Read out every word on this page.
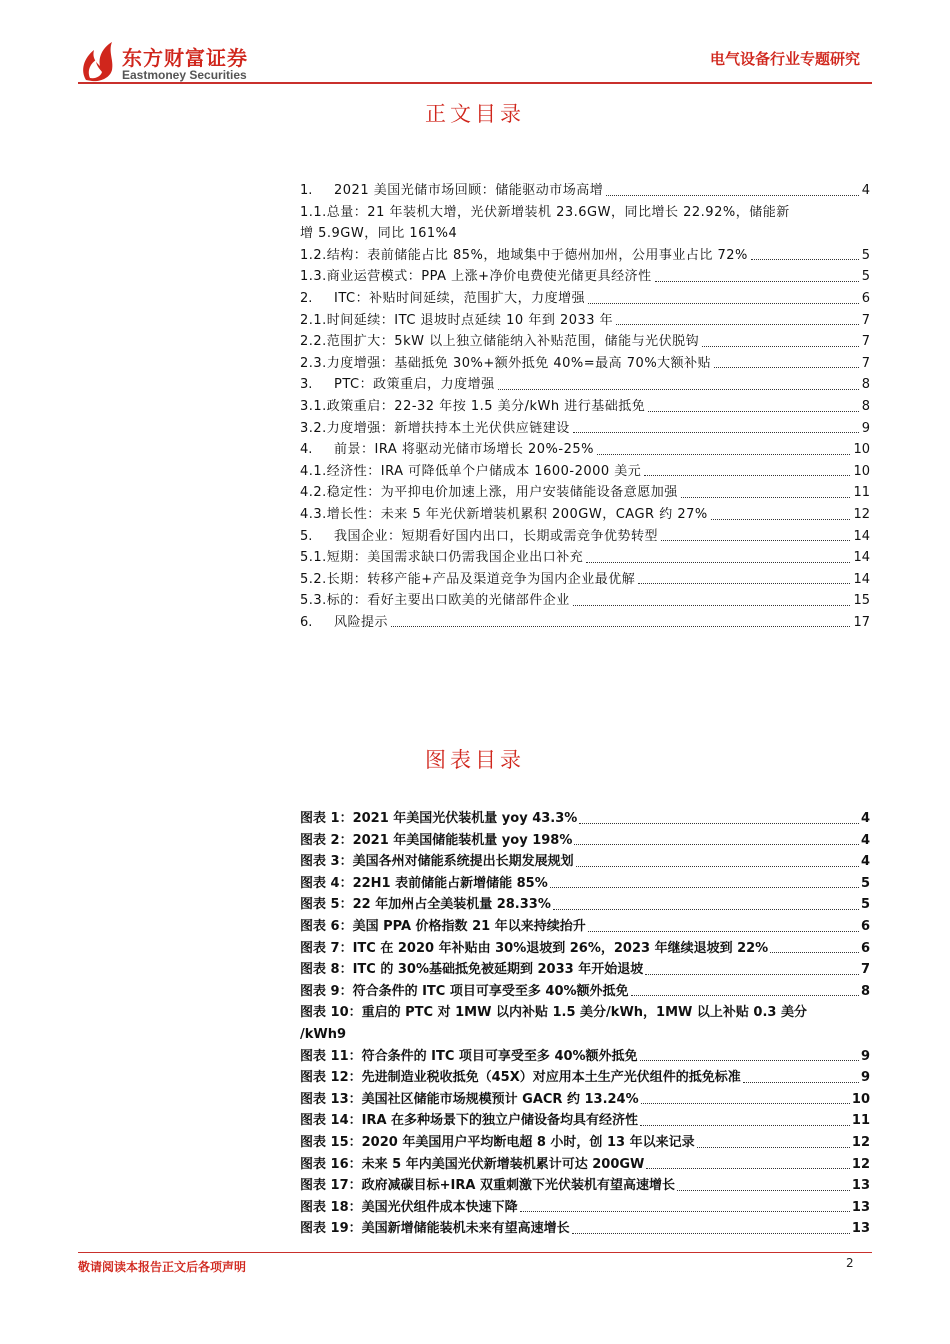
东方财富证券
Eastmoney Securities
电气设备行业专题研究
正文目录
1.	2021 美国光储市场回顾：储能驱动市场高增	4
1.1.总量：21 年装机大增，光伏新增装机 23.6GW，同比增长 22.92%，储能新
增 5.9GW，同比 161% 4
1.2.结构：表前储能占比 85%，地域集中于德州加州，公用事业占比 72%	5
1.3.商业运营模式：PPA 上涨+净价电费使光储更具经济性	5
2.	ITC：补贴时间延续，范围扩大，力度增强	6
2.1.时间延续：ITC 退坡时点延续 10 年到 2033 年	7
2.2.范围扩大：5kW 以上独立储能纳入补贴范围，储能与光伏脱钩	7
2.3.力度增强：基础抵免 30%+额外抵免 40%=最高 70%大额补贴	7
3.	PTC：政策重启，力度增强	8
3.1.政策重启：22-32 年按 1.5 美分/kWh 进行基础抵免	8
3.2.力度增强：新增扶持本土光伏供应链建设	9
4.	前景：IRA 将驱动光储市场增长 20%-25%	10
4.1.经济性：IRA 可降低单个户储成本 1600-2000 美元	10
4.2.稳定性：为平抑电价加速上涨，用户安装储能设备意愿加强	11
4.3.增长性：未来 5 年光伏新增装机累积 200GW，CAGR 约 27%	12
5.	我国企业：短期看好国内出口，长期或需竞争优势转型	14
5.1.短期：美国需求缺口仍需我国企业出口补充	14
5.2.长期：转移产能+产品及渠道竞争为国内企业最优解	14
5.3.标的：看好主要出口欧美的光储部件企业	15
6.	风险提示	17
图表目录
图表 1：2021 年美国光伏装机量 yoy 43.3%	4
图表 2：2021 年美国储能装机量 yoy 198%	4
图表 3：美国各州对储能系统提出长期发展规划	4
图表 4：22H1 表前储能占新增储能 85%	5
图表 5：22 年加州占全美装机量 28.33%	5
图表 6：美国 PPA 价格指数 21 年以来持续抬升	6
图表 7：ITC 在 2020 年补贴由 30%退坡到 26%，2023 年继续退坡到 22%	6
图表 8：ITC 的 30%基础抵免被延期到 2033 年开始退坡	7
图表 9：符合条件的 ITC 项目可享受至多 40%额外抵免	8
图表 10：重启的 PTC 对 1MW 以内补贴 1.5 美分/kWh，1MW 以上补贴 0.3 美分
/kWh 9
图表 11：符合条件的 ITC 项目可享受至多 40%额外抵免	9
图表 12：先进制造业税收抵免（45X）对应用本土生产光伏组件的抵免标准	9
图表 13：美国社区储能市场规模预计 GACR 约 13.24%	10
图表 14：IRA 在多种场景下的独立户储设备均具有经济性	11
图表 15：2020 年美国用户平均断电超 8 小时，创 13 年以来记录	12
图表 16：未来 5 年内美国光伏新增装机累计可达 200GW	12
图表 17：政府减碳目标+IRA 双重刺激下光伏装机有望高速增长	13
图表 18：美国光伏组件成本快速下降	13
图表 19：美国新增储能装机未来有望高速增长	13
敬请阅读本报告正文后各项声明	2
